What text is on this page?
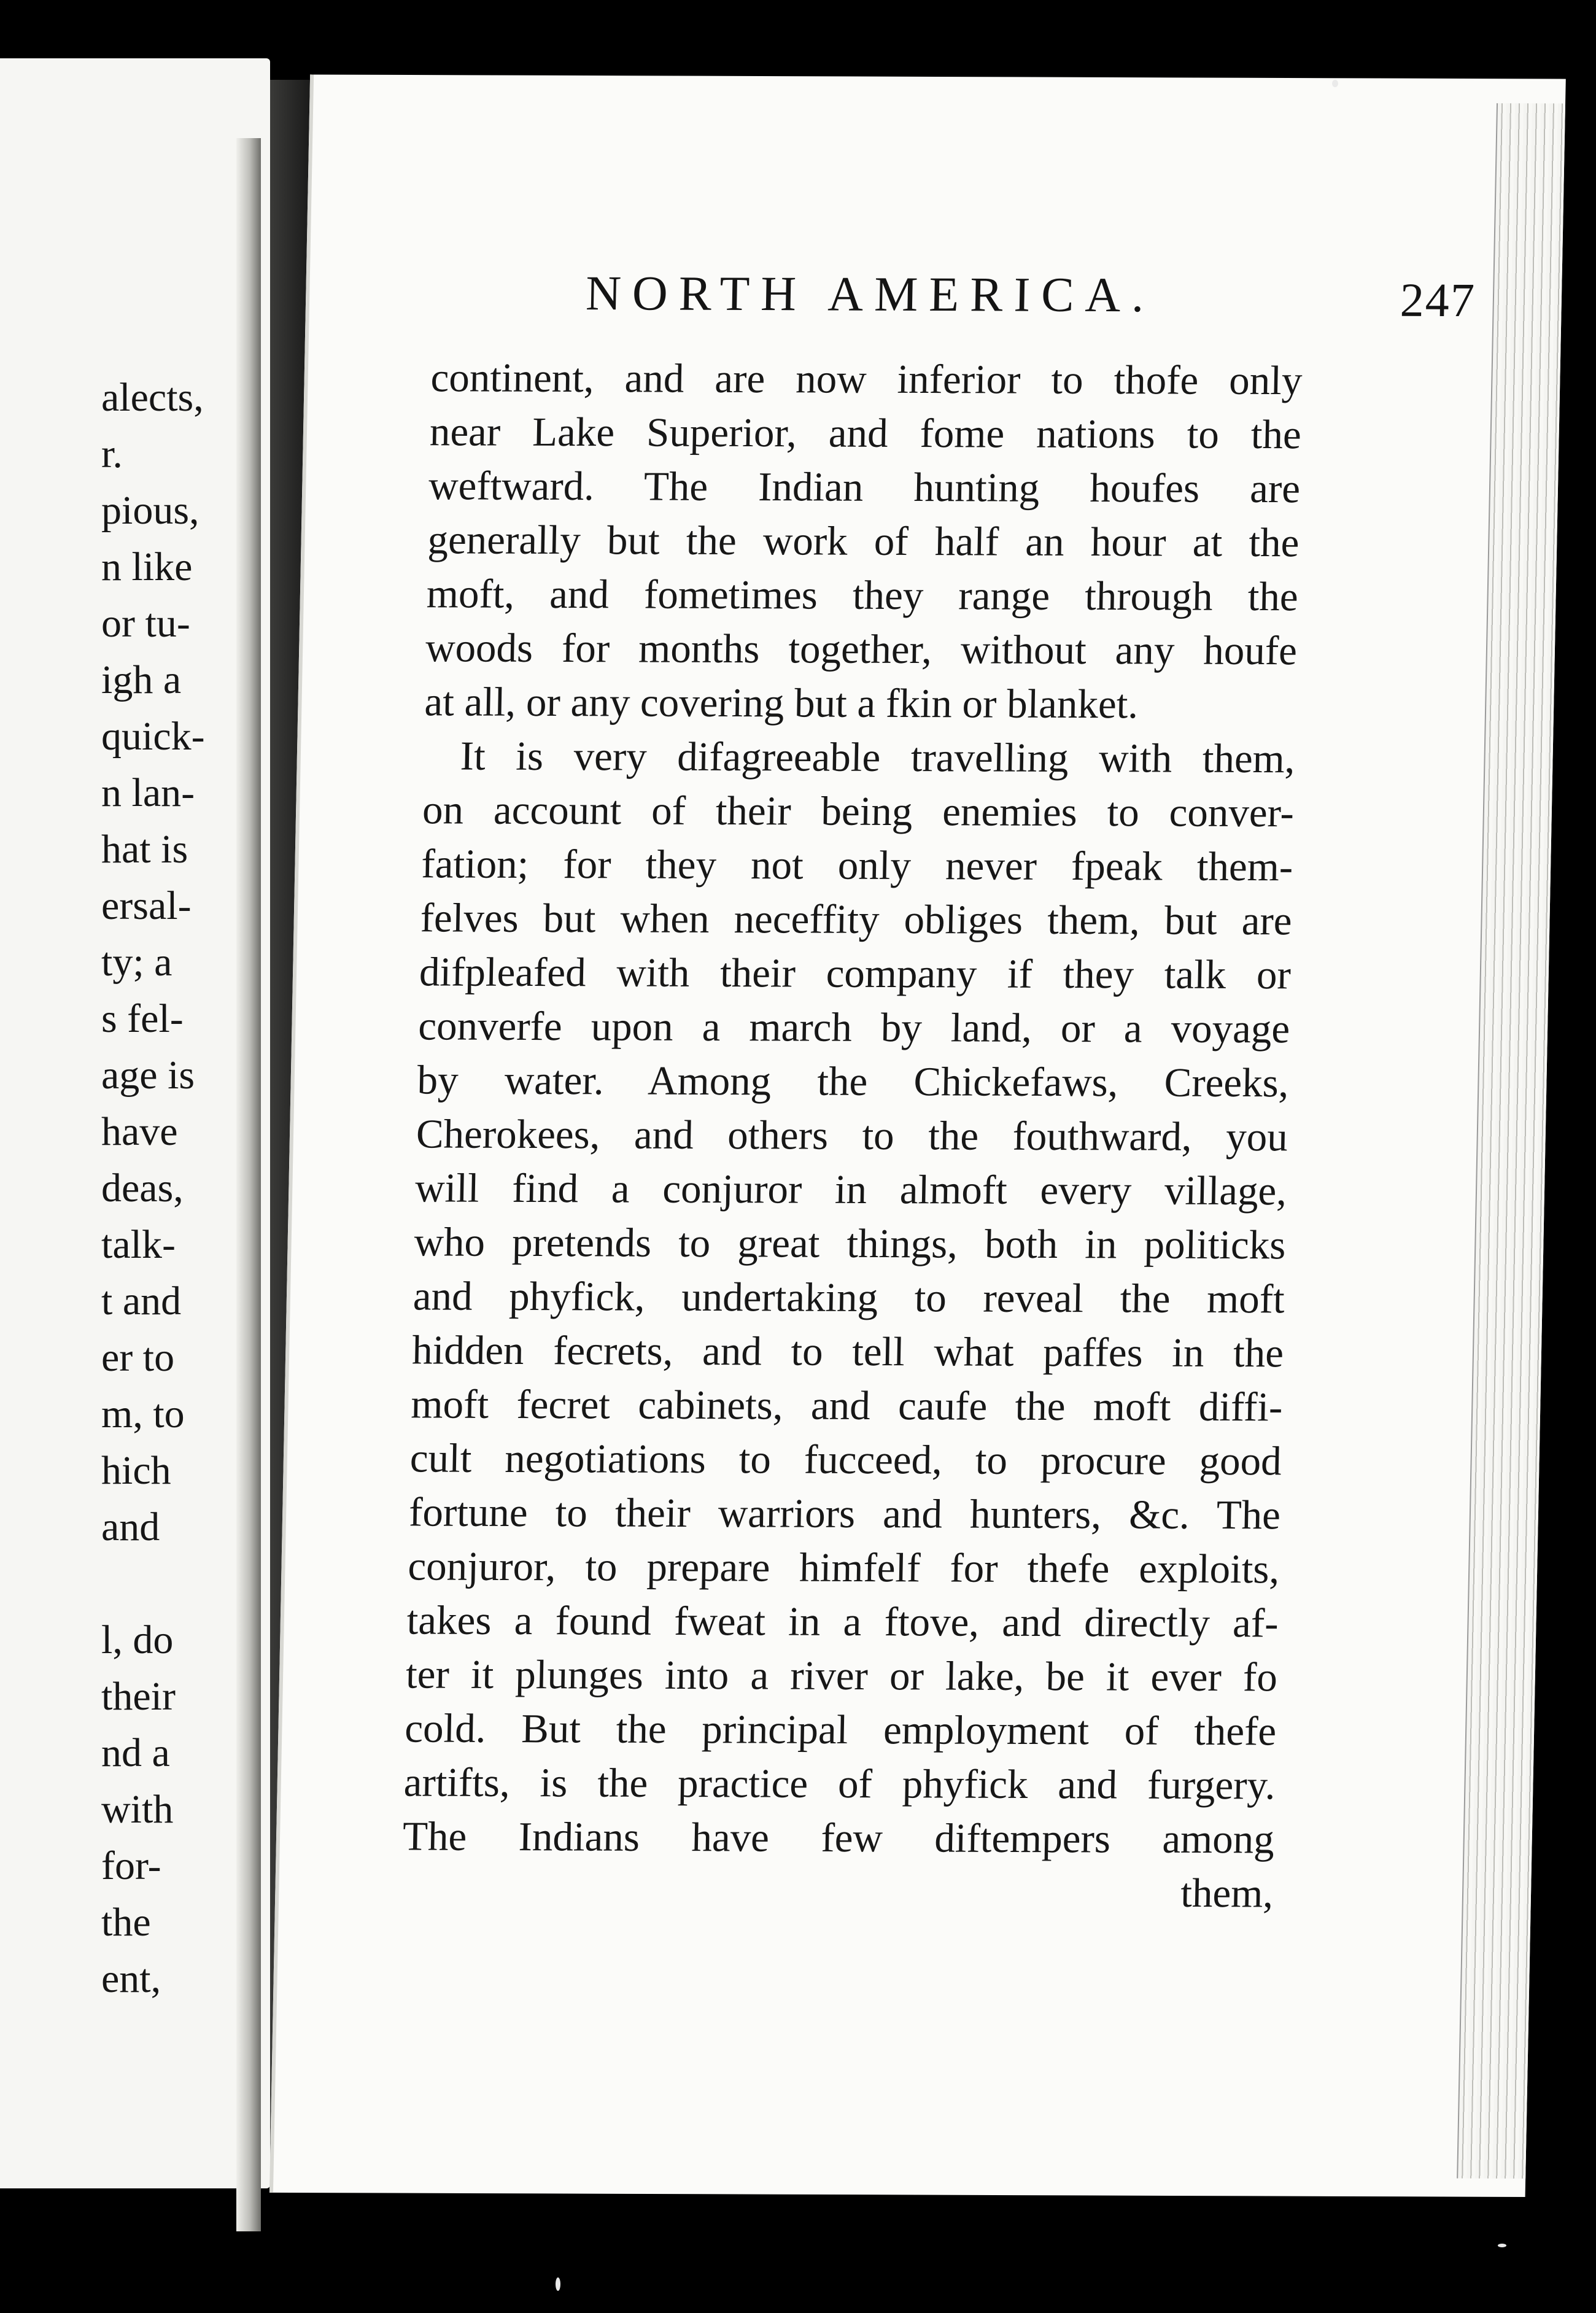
alects,
r.
pious,
n like
or tu-
igh a
quick-
n lan-
hat is
ersal-
ty; a
s fel-
age is
have
deas,
talk-
t and
er to
m, to
hich
and
l, do
their
nd a
with
for-
the
ent,
NORTH AMERICA.	247
continent, and are now inferior to thofe only
near Lake Superior, and fome nations to the
weftward. The Indian hunting houfes are
generally but the work of half an hour at the
moft, and fometimes they range through the
woods for months together, without any houfe
at all, or any covering but a fkin or blanket.
It is very difagreeable travelling with them,
on account of their being enemies to conver-
fation; for they not only never fpeak them-
felves but when neceffity obliges them, but are
difpleafed with their company if they talk or
converfe upon a march by land, or a voyage
by water. Among the Chickefaws, Creeks,
Cherokees, and others to the fouthward, you
will find a conjuror in almoft every village,
who pretends to great things, both in politicks
and phyfick, undertaking to reveal the moft
hidden fecrets, and to tell what paffes in the
moft fecret cabinets, and caufe the moft diffi-
cult negotiations to fucceed, to procure good
fortune to their warriors and hunters, &c. The
conjuror, to prepare himfelf for thefe exploits,
takes a found fweat in a ftove, and directly af-
ter it plunges into a river or lake, be it ever fo
cold. But the principal employment of thefe
artifts, is the practice of phyfick and furgery.
The Indians have few diftempers among
them,
